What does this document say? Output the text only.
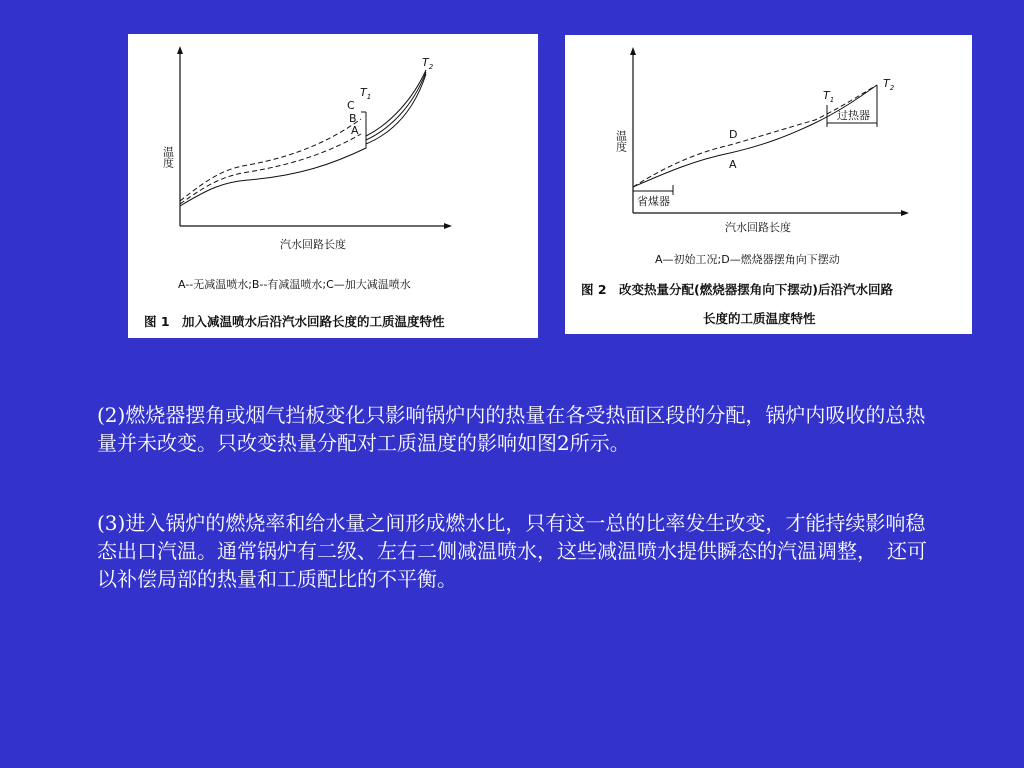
温度
$T_1$
$T_2$
C
B
A
汽水回路长度
A--无减温喷水;B--有减温喷水;C—加大减温喷水
图 1　加入减温喷水后沿汽水回路长度的工质温度特性
温度
省煤器
过热器
$T_1$
$T_2$
D
A
汽水回路长度
A—初始工况;D—燃烧器摆角向下摆动
图 2　改变热量分配(燃烧器摆角向下摆动)后沿汽水回路
长度的工质温度特性

(2)燃烧器摆角或烟气挡板变化只影响锅炉内的热量在各受热面区段的分配，锅炉内吸收的总热量并未改变。只改变热量分配对工质温度的影响如图2所示。

(3)进入锅炉的燃烧率和给水量之间形成燃水比，只有这一总的比率发生改变，才能持续影响稳态出口汽温。通常锅炉有二级、左右二侧减温喷水，这些减温喷水提供瞬态的汽温调整，　还可以补偿局部的热量和工质配比的不平衡。
